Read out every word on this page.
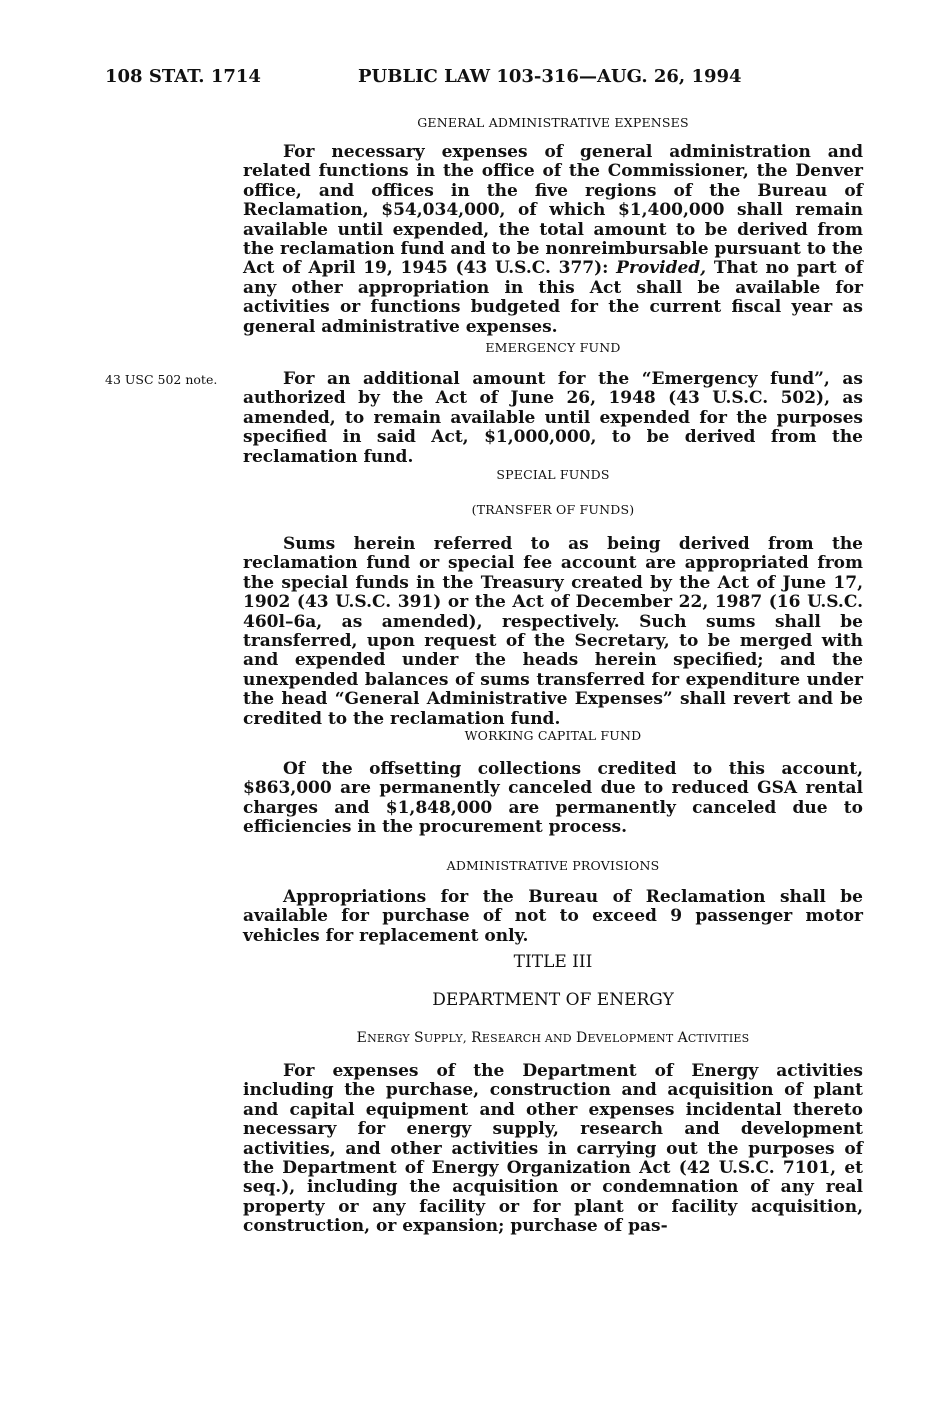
108 STAT. 1714	PUBLIC LAW 103-316—AUG. 26, 1994
GENERAL ADMINISTRATIVE EXPENSES

For necessary expenses of general administration and related functions in the office of the Commissioner, the Denver office, and offices in the five regions of the Bureau of Reclamation, $54,034,000, of which $1,400,000 shall remain available until expended, the total amount to be derived from the reclamation fund and to be nonreimbursable pursuant to the Act of April 19, 1945 (43 U.S.C. 377): Provided, That no part of any other appropriation in this Act shall be available for activities or functions budgeted for the current fiscal year as general administrative expenses.

EMERGENCY FUND
43 USC 502 note.	For an additional amount for the “Emergency fund”, as authorized by the Act of June 26, 1948 (43 U.S.C. 502), as amended, to remain available until expended for the purposes specified in said Act, $1,000,000, to be derived from the reclamation fund.

SPECIAL FUNDS
(TRANSFER OF FUNDS)

Sums herein referred to as being derived from the reclamation fund or special fee account are appropriated from the special funds in the Treasury created by the Act of June 17, 1902 (43 U.S.C. 391) or the Act of December 22, 1987 (16 U.S.C. 460l–6a, as amended), respectively. Such sums shall be transferred, upon request of the Secretary, to be merged with and expended under the heads herein specified; and the unexpended balances of sums transferred for expenditure under the head “General Administrative Expenses” shall revert and be credited to the reclamation fund.

WORKING CAPITAL FUND

Of the offsetting collections credited to this account, $863,000 are permanently canceled due to reduced GSA rental charges and $1,848,000 are permanently canceled due to efficiencies in the procurement process.

ADMINISTRATIVE PROVISIONS

Appropriations for the Bureau of Reclamation shall be available for purchase of not to exceed 9 passenger motor vehicles for replacement only.

TITLE III
DEPARTMENT OF ENERGY
ENERGY SUPPLY, RESEARCH AND DEVELOPMENT ACTIVITIES

For expenses of the Department of Energy activities including the purchase, construction and acquisition of plant and capital equipment and other expenses incidental thereto necessary for energy supply, research and development activities, and other activities in carrying out the purposes of the Department of Energy Organization Act (42 U.S.C. 7101, et seq.), including the acquisition or condemnation of any real property or any facility or for plant or facility acquisition, construction, or expansion; purchase of pas-
